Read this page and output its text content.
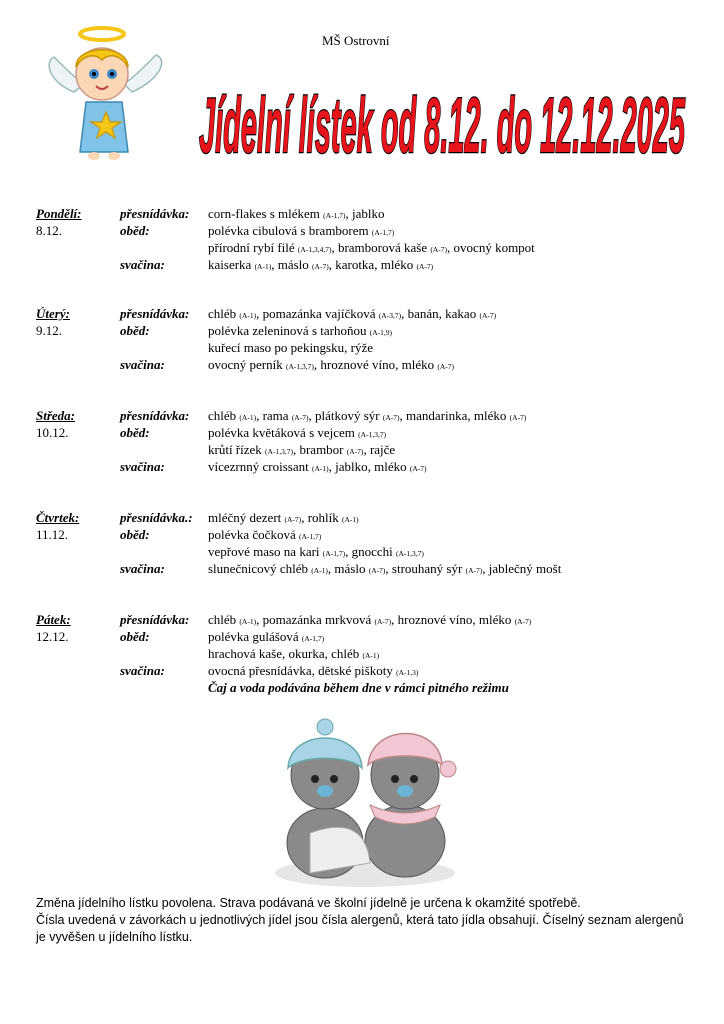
MŠ Ostrovní
Jídelní lístek od 8.12. do 12.12.2025
Pondělí:	přesnídávka: corn-flakes s mlékem (A-1,7), jablko
8.12.	oběd:	polévka cibulová s bramborem (A-1,7)
přírodní rybí filé (A-1,3,4,7), bramborová kaše (A-7), ovocný kompot
svačina:	kaiserka (A-1), máslo (A-7), karotka, mléko (A-7)
Úterý:	přesnídávka: chléb (A-1), pomazánka vajíčková (A-3,7), banán, kakao (A-7)
9.12.	oběd:	polévka zeleninová s tarhoňou (A-1,9)
kuřecí maso po pekingsku, rýže
svačina:	ovocný perník (A-1,3,7), hroznové víno, mléko (A-7)
Středa:	přesnídávka: chléb (A-1), rama (A-7), plátkový sýr (A-7), mandarinka, mléko (A-7)
10.12.	oběd:	polévka květáková s vejcem (A-1,3,7)
krůtí řízek (A-1,3,7), brambor (A-7), rajče
svačina:	vícezrnný croissant (A-1), jablko, mléko (A-7)
Čtvrtek:	přesnídávka.: mléčný dezert (A-7), rohlík (A-1)
11.12.	oběd:	polévka čočková (A-1,7)
vepřové maso na kari (A-1,7), gnocchi (A-1,3,7)
svačina:	slunečnicový chléb (A-1), máslo (A-7), strouhaný sýr (A-7), jablečný mošt
Pátek:	přesnídávka: chléb (A-1), pomazánka mrkvová (A-7), hroznové víno, mléko (A-7)
12.12.	oběd:	polévka gulášová (A-1,7)
hrachová kaše, okurka, chléb (A-1)
svačina:	ovocná přesnídávka, dětské piškoty (A-1,3)
Čaj a voda podávána během dne v rámci pitného režimu
Změna jídelního lístku povolena. Strava podávaná ve školní jídelně je určena k okamžité spotřebě.
Čísla uvedená v závorkách u jednotlivých jídel jsou čísla alergenů, která tato jídla obsahují. Číselný seznam alergenů je vyvěšen u jídelního lístku.
